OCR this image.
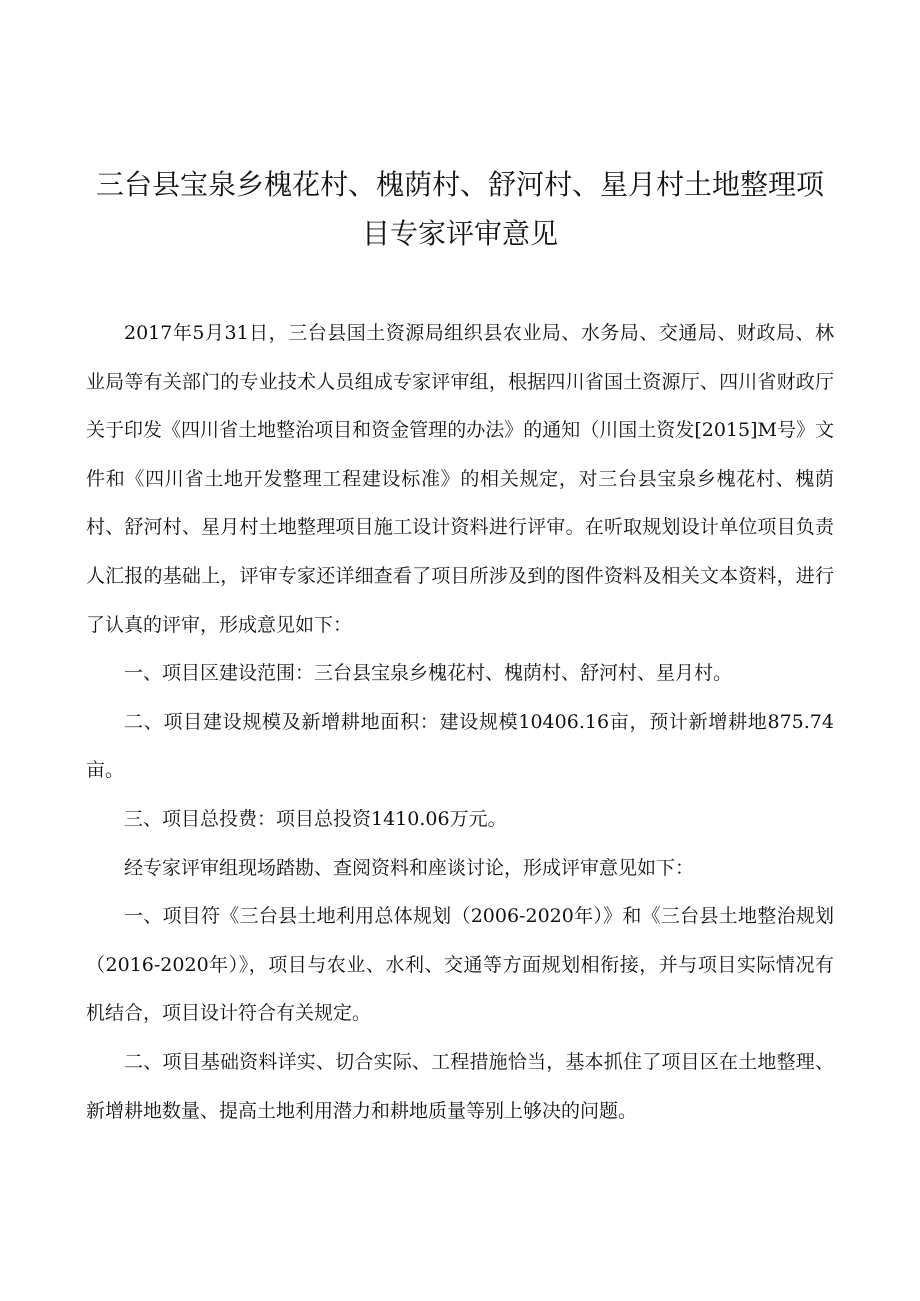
三台县宝泉乡槐花村、槐荫村、舒河村、星月村土地整理项
目专家评审意见

2017年5月31日，三台县国土资源局组织县农业局、水务局、交通局、财政局、林业局等有关部门的专业技术人员组成专家评审组，根据四川省国土资源厅、四川省财政厅关于印发《四川省土地整治项目和资金管理的办法》的通知（川国土资发[2015]M号》文件和《四川省土地开发整理工程建设标准》的相关规定，对三台县宝泉乡槐花村、槐荫村、舒河村、星月村土地整理项目施工设计资料进行评审。在听取规划设计单位项目负责人汇报的基础上，评审专家还详细查看了项目所涉及到的图件资料及相关文本资料，进行了认真的评审，形成意见如下：

一、项目区建设范围：三台县宝泉乡槐花村、槐荫村、舒河村、星月村。

二、项目建设规模及新增耕地面积：建设规模10406.16亩，预计新增耕地875.74亩。

三、项目总投费：项目总投资1410.06万元。

经专家评审组现场踏勘、查阅资料和座谈讨论，形成评审意见如下：

一、项目符《三台县土地利用总体规划（2006-2020年）》和《三台县土地整治规划（2016-2020年）》，项目与农业、水利、交通等方面规划相衔接，并与项目实际情况有机结合，项目设计符合有关规定。

二、项目基础资料详实、切合实际、工程措施恰当，基本抓住了项目区在土地整理、新增耕地数量、提高土地利用潜力和耕地质量等别上够决的问题。
